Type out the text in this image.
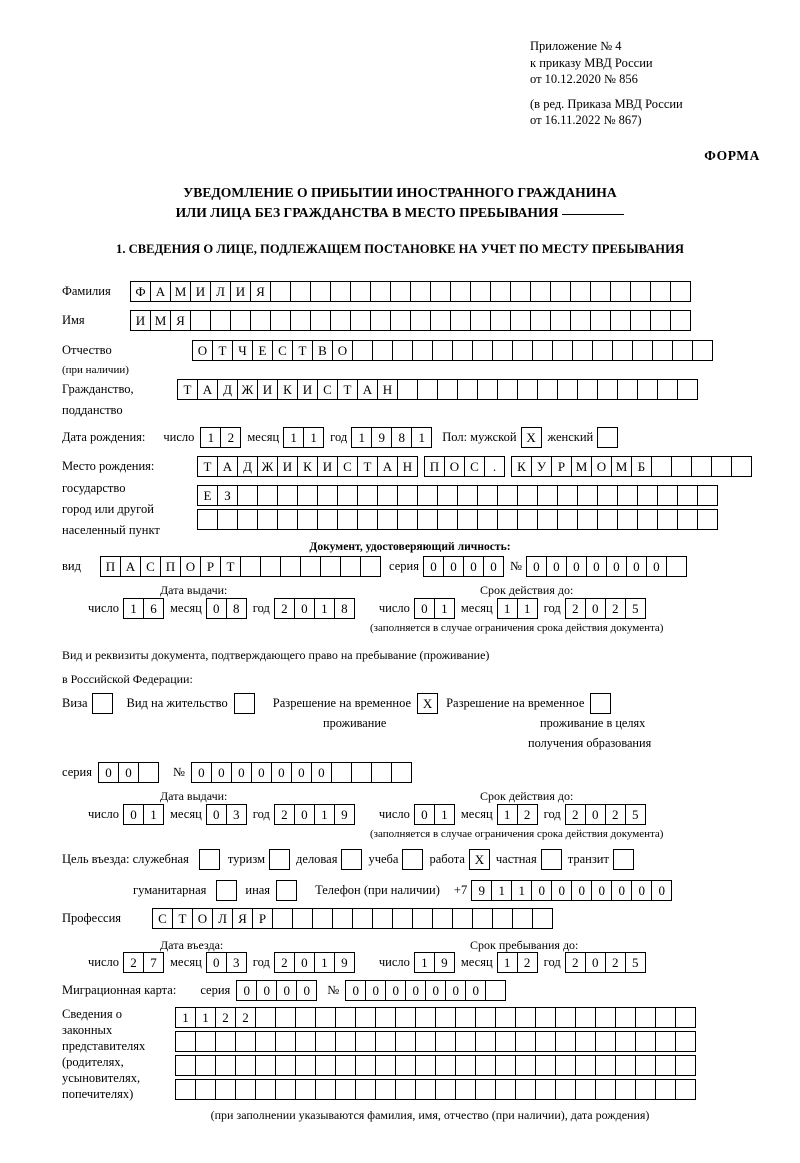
Приложение № 4
к приказу МВД России
от 10.12.2020 № 856
(в ред. Приказа МВД России
от 16.11.2022 № 867)
ФОРМА
УВЕДОМЛЕНИЕ О ПРИБЫТИИ ИНОСТРАННОГО ГРАЖДАНИНА
ИЛИ ЛИЦА БЕЗ ГРАЖДАНСТВА В МЕСТО ПРЕБЫВАНИЯ
1. СВЕДЕНИЯ О ЛИЦЕ, ПОДЛЕЖАЩЕМ ПОСТАНОВКЕ НА УЧЕТ ПО МЕСТУ ПРЕБЫВАНИЯ
Фамилия	Ф А М И Л И Я
Имя	И М Я
Отчество	О Т Ч Е С Т В О
(при наличии)
Гражданство,	Т А Д Ж И К И С Т А Н
подданство
Дата рождения: число	1	2	месяц 1	1	год 1	9	8	1	Пол: мужской Х женский
Место рождения:	Т А Д Ж И К И С Т А Н	П О С	.	К У Р М О М Б
государство	Е З
город или другой
населенный пункт
Документ, удостоверяющий личность:
вид	П А С П О Р Т	серия 0	0	0	0	№ 0	0	0	0	0	0	0
Дата выдачи:	Срок действия до:
число 1	6	месяц 0	8	год 2	0	1	8	число 0	1	месяц 1	1	год 2	0	2	5
(заполняется в случае ограничения срока действия документа)
Вид и реквизиты документа, подтверждающего право на пребывание (проживание)
в Российской Федерации:
Виза	Вид на жительство	Разрешение на временное Х	Разрешение на временное
проживание	проживание в целях
получения образования
серия	0	0	№	0	0	0	0	0	0	0
Дата выдачи:	Срок действия до:
число 0	1	месяц 0	3	год 2	0	1	9	число 0	1	месяц 1	2	год 2	0	2	5
(заполняется в случае ограничения срока действия документа)
Цель въезда: служебная	туризм деловая учеба работа Х частная транзит
гуманитарная	иная	Телефон (при наличии) +7 9	1	1	0	0	0	0	0	0	0
Профессия	С Т О Л Я Р
Дата въезда:	Срок пребывания до:
число 2	7	месяц 0	3	год 2	0	1	9	число 1	9	месяц 1	2	год 2	0	2	5
Миграционная карта: серия	0	0	0	0	№	0	0	0	0	0	0	0
Сведения о
законных
представителях
(родителях,
усыновителях,
попечителях)
1	1	2	2
(при заполнении указываются фамилия, имя, отчество (при наличии), дата рождения)
